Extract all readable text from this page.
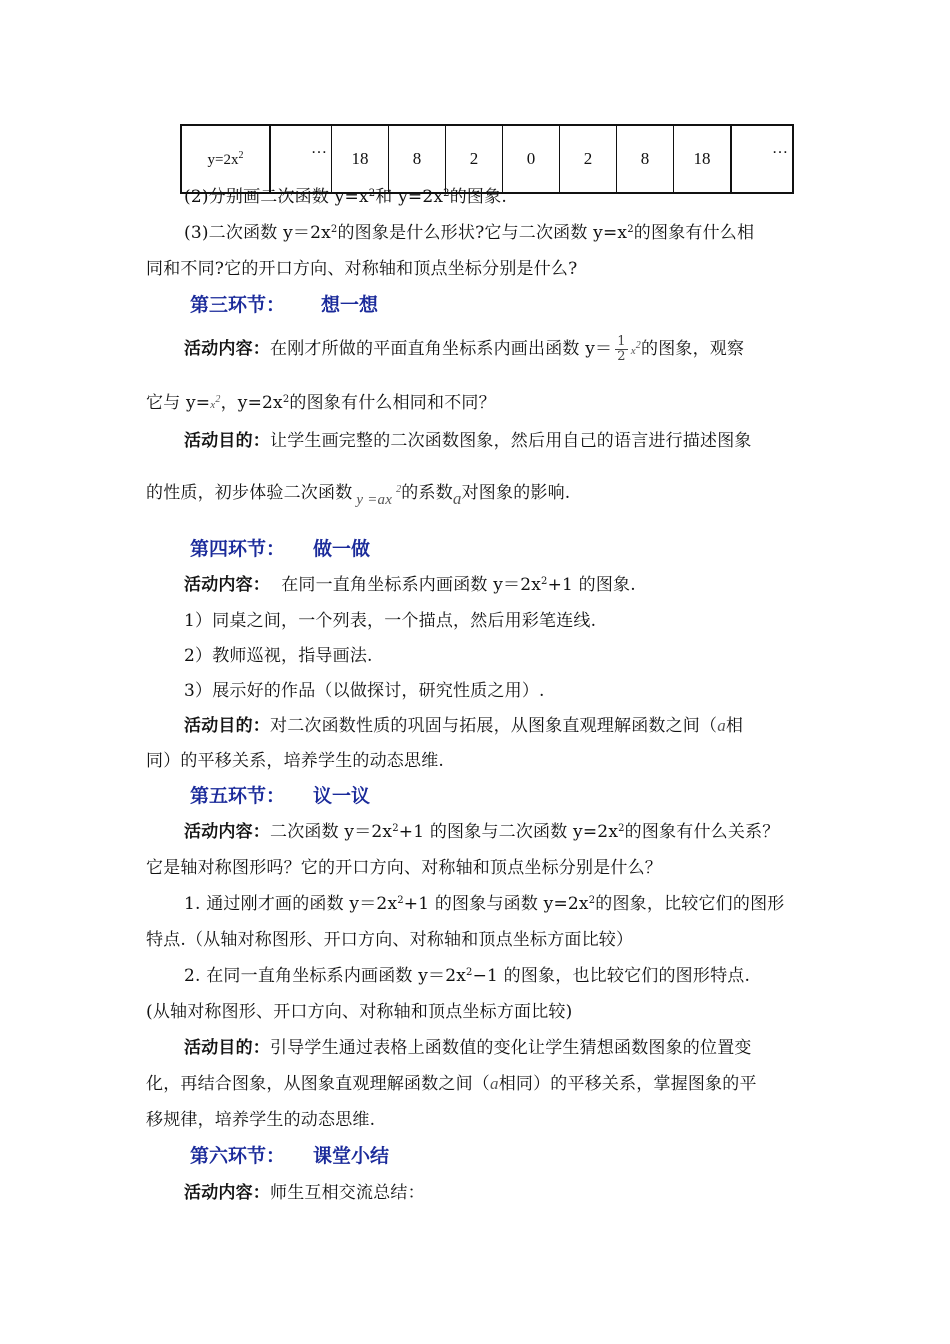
$y=2x^2$	…	18	8	2	0	2	8	18	…
(2)分别画二次函数 $y=x^2$和 $y=2x^2$的图象.
(3)二次函数 $y=2x^2$的图象是什么形状?它与二次函数 $y=x^2$的图象有什么相
同和不同?它的开口方向、对称轴和顶点坐标分别是什么?
第三环节： 想一想
活动内容：在刚才所做的平面直角坐标系内画出函数 $y= \frac{1}{2} x^2$的图象，观察
它与 $y=x^2$，$y=2x^2$的图象有什么相同和不同？
活动目的：让学生画完整的二次函数图象，然后用自己的语言进行描述图象
的性质，初步体验二次函数 $y =ax^2$的系数a对图象的影响.
第四环节： 做一做
活动内容：  在同一直角坐标系内画函数 $y=2x^2+1$ 的图象.
1）同桌之间，一个列表，一个描点，然后用彩笔连线.
2）教师巡视，指导画法.
3）展示好的作品（以做探讨，研究性质之用）.
活动目的：对二次函数性质的巩固与拓展，从图象直观理解函数之间（a相
同）的平移关系，培养学生的动态思维.
第五环节： 议一议
活动内容：二次函数 $y=2x^2+1$ 的图象与二次函数 $y=2x^2$的图象有什么关系？
它是轴对称图形吗？它的开口方向、对称轴和顶点坐标分别是什么？
1. 通过刚才画的函数 $y=2x^2+1$ 的图象与函数 $y=2x^2$的图象，比较它们的图形
特点.（从轴对称图形、开口方向、对称轴和顶点坐标方面比较）
2. 在同一直角坐标系内画函数 $y=2x^2-1$ 的图象，也比较它们的图形特点.
(从轴对称图形、开口方向、对称轴和顶点坐标方面比较)
活动目的：引导学生通过表格上函数值的变化让学生猜想函数图象的位置变
化，再结合图象，从图象直观理解函数之间（a相同）的平移关系，掌握图象的平
移规律，培养学生的动态思维.
第六环节： 课堂小结
活动内容：师生互相交流总结：
